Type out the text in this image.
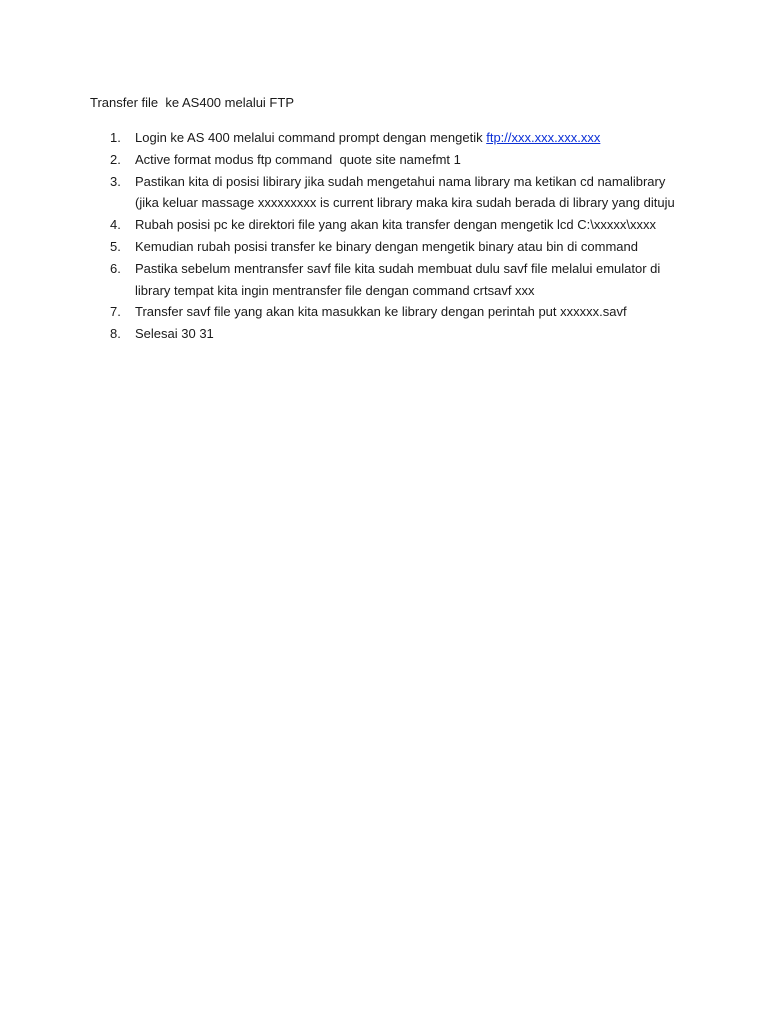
Transfer file  ke AS400 melalui FTP
1.	Login ke AS 400 melalui command prompt dengan mengetik ftp://xxx.xxx.xxx.xxx
2.	Active format modus ftp command  quote site namefmt 1
3.	Pastikan kita di posisi libirary jika sudah mengetahui nama library ma ketikan cd namalibrary (jika keluar massage xxxxxxxxx is current library maka kira sudah berada di library yang dituju
4.	Rubah posisi pc ke direktori file yang akan kita transfer dengan mengetik lcd C:\xxxxx\xxxx
5.	Kemudian rubah posisi transfer ke binary dengan mengetik binary atau bin di command
6.	Pastika sebelum mentransfer savf file kita sudah membuat dulu savf file melalui emulator di library tempat kita ingin mentransfer file dengan command crtsavf xxx
7.	Transfer savf file yang akan kita masukkan ke library dengan perintah put xxxxxx.savf
8.	Selesai 30 31
